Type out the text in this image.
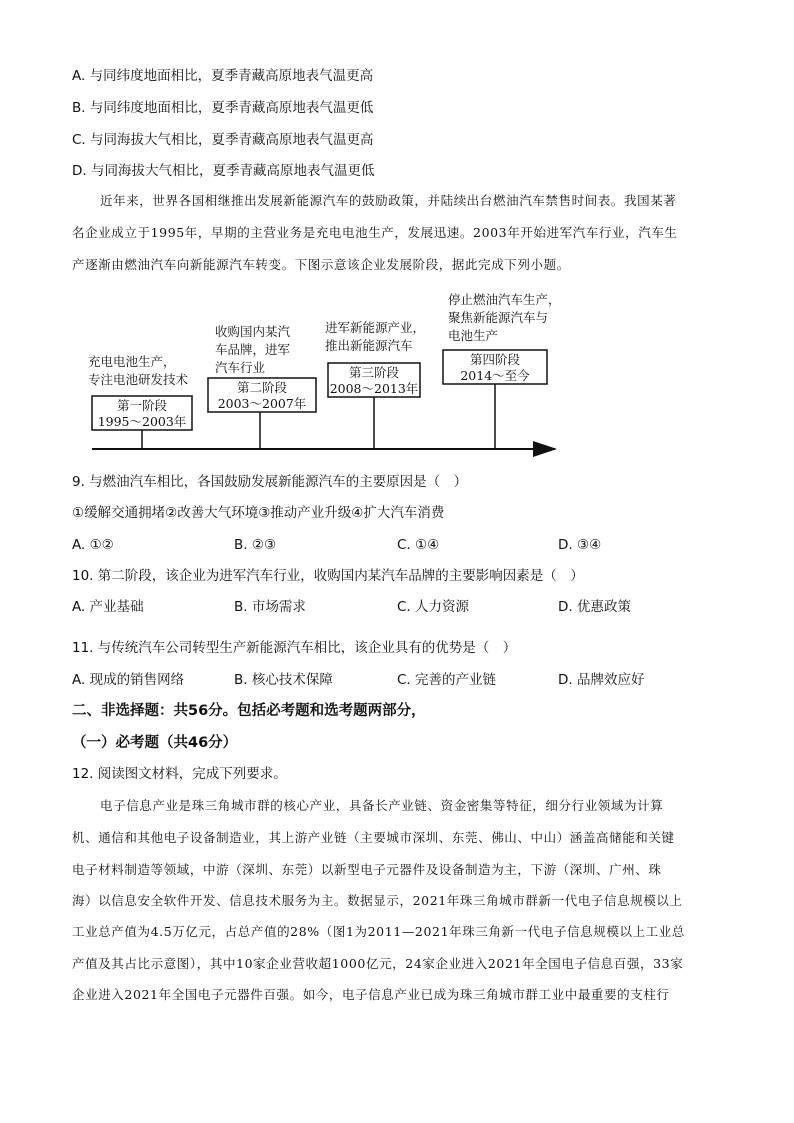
A. 与同纬度地面相比，夏季青藏高原地表气温更高
B. 与同纬度地面相比，夏季青藏高原地表气温更低
C. 与同海拔大气相比，夏季青藏高原地表气温更高
D. 与同海拔大气相比，夏季青藏高原地表气温更低
近年来，世界各国相继推出发展新能源汽车的鼓励政策，并陆续出台燃油汽车禁售时间表。我国某著
名企业成立于1995年，早期的主营业务是充电电池生产，发展迅速。2003年开始进军汽车行业，汽车生
产逐渐由燃油汽车向新能源汽车转变。下图示意该企业发展阶段，据此完成下列小题。
充电电池生产，
专注电池研发技术
第一阶段
1995～2003年
收购国内某汽
车品牌，进军
汽车行业
第二阶段
2003～2007年
进军新能源产业，
推出新能源汽车
第三阶段
2008～2013年
停止燃油汽车生产，
聚焦新能源汽车与
电池生产
第四阶段
2014～至今
9. 与燃油汽车相比，各国鼓励发展新能源汽车的主要原因是（　）
①缓解交通拥堵②改善大气环境③推动产业升级④扩大汽车消费
A. ①②	B. ②③	C. ①④	D. ③④
10. 第二阶段，该企业为进军汽车行业，收购国内某汽车品牌的主要影响因素是（　）
A. 产业基础	B. 市场需求	C. 人力资源	D. 优惠政策
11. 与传统汽车公司转型生产新能源汽车相比，该企业具有的优势是（　）
A. 现成的销售网络	B. 核心技术保障	C. 完善的产业链	D. 品牌效应好
二、非选择题：共56分。包括必考题和选考题两部分，
（一）必考题（共46分）
12. 阅读图文材料，完成下列要求。
电子信息产业是珠三角城市群的核心产业，具备长产业链、资金密集等特征，细分行业领域为计算
机、通信和其他电子设备制造业，其上游产业链（主要城市深圳、东莞、佛山、中山）涵盖高储能和关键
电子材料制造等领域，中游（深圳、东莞）以新型电子元器件及设备制造为主，下游（深圳、广州、珠
海）以信息安全软件开发、信息技术服务为主。数据显示，2021年珠三角城市群新一代电子信息规模以上
工业总产值为4.5万亿元，占总产值的28%（图1为2011—2021年珠三角新一代电子信息规模以上工业总
产值及其占比示意图），其中10家企业营收超1000亿元，24家企业进入2021年全国电子信息百强，33家
企业进入2021年全国电子元器件百强。如今，电子信息产业已成为珠三角城市群工业中最重要的支柱行
